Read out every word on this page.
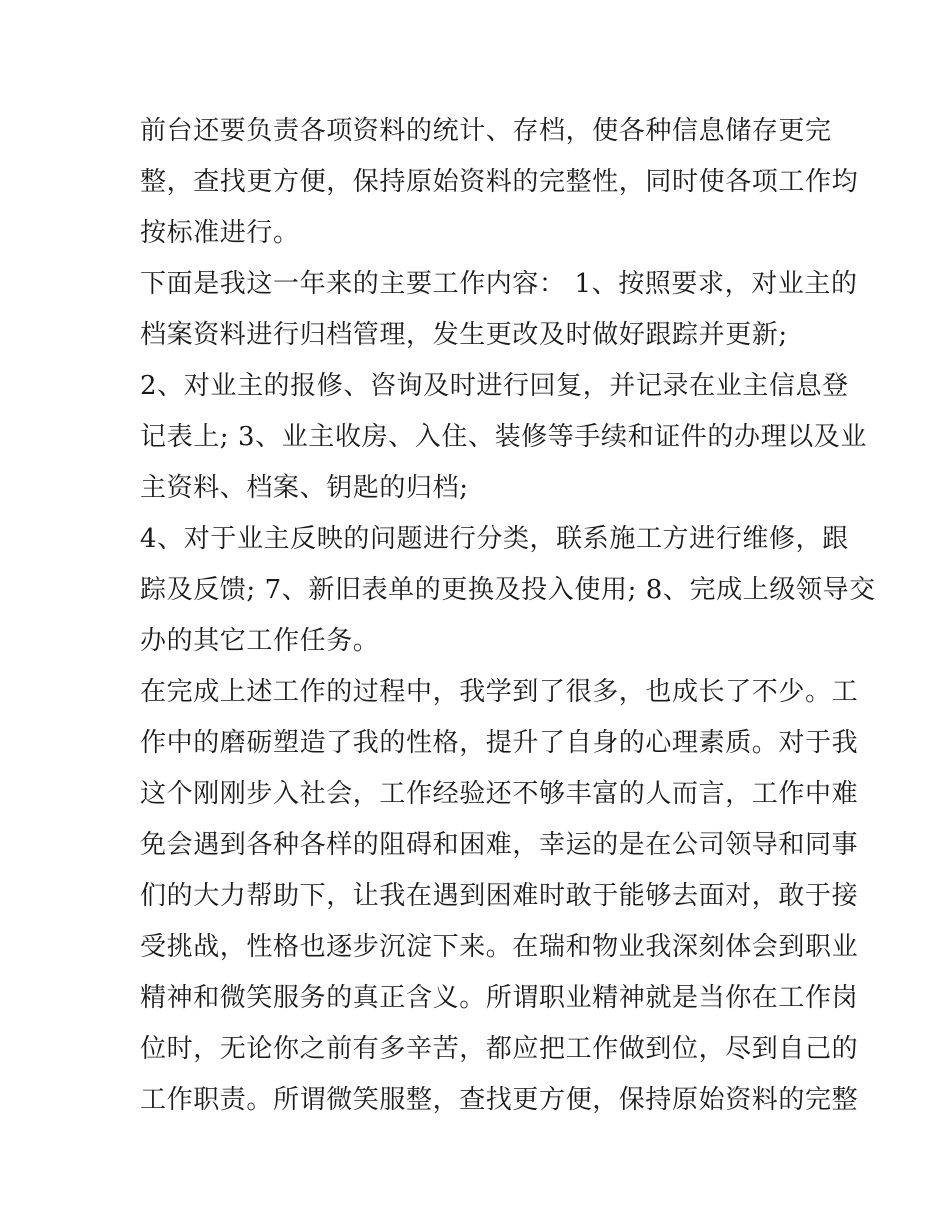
前台还要负责各项资料的统计、存档，使各种信息储存更完
整，查找更方便，保持原始资料的完整性，同时使各项工作均
按标准进行。
下面是我这一年来的主要工作内容： 1、按照要求，对业主的
档案资料进行归档管理，发生更改及时做好跟踪并更新;
2、对业主的报修、咨询及时进行回复，并记录在业主信息登
记表上; 3、业主收房、入住、装修等手续和证件的办理以及业
主资料、档案、钥匙的归档;
4、对于业主反映的问题进行分类，联系施工方进行维修，跟
踪及反馈; 7、新旧表单的更换及投入使用; 8、完成上级领导交
办的其它工作任务。
在完成上述工作的过程中，我学到了很多，也成长了不少。工
作中的磨砺塑造了我的性格，提升了自身的心理素质。对于我
这个刚刚步入社会，工作经验还不够丰富的人而言，工作中难
免会遇到各种各样的阻碍和困难，幸运的是在公司领导和同事
们的大力帮助下，让我在遇到困难时敢于能够去面对，敢于接
受挑战，性格也逐步沉淀下来。在瑞和物业我深刻体会到职业
精神和微笑服务的真正含义。所谓职业精神就是当你在工作岗
位时，无论你之前有多辛苦，都应把工作做到位，尽到自己的
工作职责。所谓微笑服整，查找更方便，保持原始资料的完整
